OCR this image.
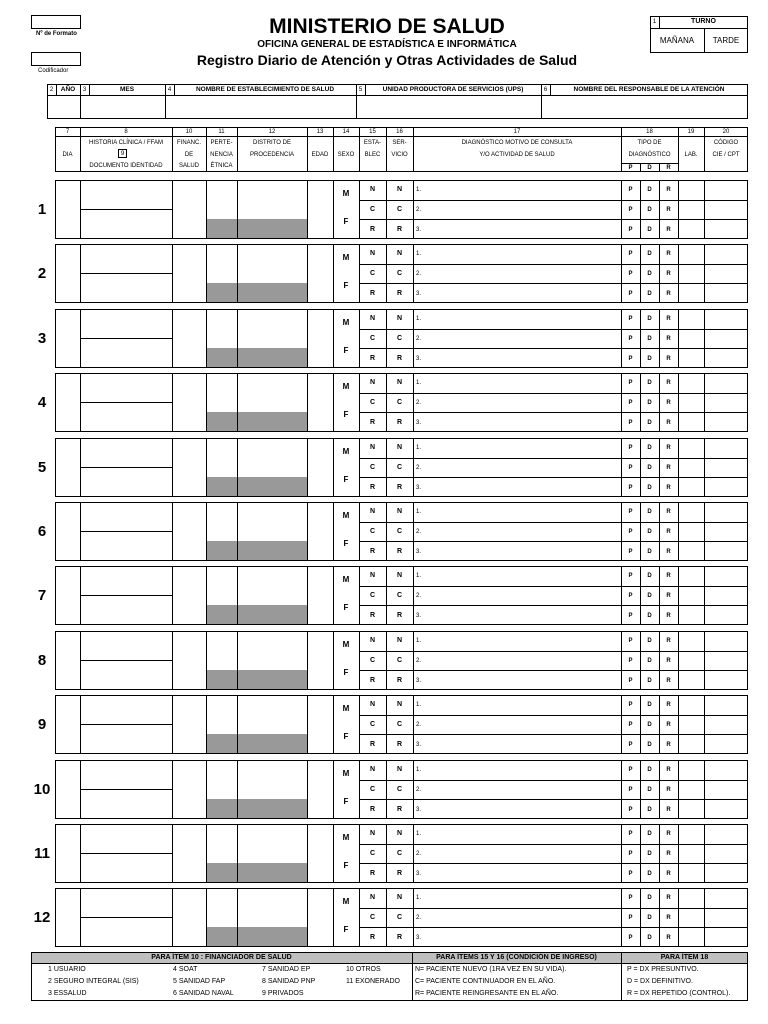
Nº de Formato
Codificador
MINISTERIO DE SALUD
OFICINA GENERAL DE ESTADÍSTICA E INFORMÁTICA
Registro Diario de Atención y Otras Actividades de Salud
1	TURNO
MAÑANA	TARDE
2	AÑO	3	MES	4	NOMBRE DE ESTABLECIMIENTO DE SALUD	5	UNIDAD PRODUCTORA DE SERVICIOS (UPS)	6	NOMBRE DEL RESPONSABLE DE LA ATENCIÓN
7
DIA
8
HISTORIA CLÍNICA / FFAM
9
DOCUMENTO IDENTIDAD
10
FINANC.
DE
SALUD
11
PERTE-
NENCIA
ÉTNICA
12
DISTRITO DE
PROCEDENCIA
13
EDAD
14
SEXO
15
ESTA-
BLEC
16
SER-
VICIO
17
DIAGNÓSTICO MOTIVO DE CONSULTA
Y/O ACTIVIDAD DE SALUD
18
TIPO DE
DIAGNÓSTICO
P	D	R
19
LAB.
20
CÓDIGO
CIE / CPT
1
M
F
N	N	1.	P	D	R
C	C	2.	P	D	R
R	R	3.	P	D	R
2
M
F
N	N	1.	P	D	R
C	C	2.	P	D	R
R	R	3.	P	D	R
3
M
F
N	N	1.	P	D	R
C	C	2.	P	D	R
R	R	3.	P	D	R
4
M
F
N	N	1.	P	D	R
C	C	2.	P	D	R
R	R	3.	P	D	R
5
M
F
N	N	1.	P	D	R
C	C	2.	P	D	R
R	R	3.	P	D	R
6
M
F
N	N	1.	P	D	R
C	C	2.	P	D	R
R	R	3.	P	D	R
7
M
F
N	N	1.	P	D	R
C	C	2.	P	D	R
R	R	3.	P	D	R
8
M
F
N	N	1.	P	D	R
C	C	2.	P	D	R
R	R	3.	P	D	R
9
M
F
N	N	1.	P	D	R
C	C	2.	P	D	R
R	R	3.	P	D	R
10
M
F
N	N	1.	P	D	R
C	C	2.	P	D	R
R	R	3.	P	D	R
11
M
F
N	N	1.	P	D	R
C	C	2.	P	D	R
R	R	3.	P	D	R
12
M
F
N	N	1.	P	D	R
C	C	2.	P	D	R
R	R	3.	P	D	R
PARA ÍTEM 10 : FINANCIADOR DE SALUD	PARA ÍTEMS 15 Y 16 (CONDICIÓN DE INGRESO)	PARA ÍTEM 18
1 USUARIO
2 SEGURO INTEGRAL (SIS)
3 ESSALUD
4 SOAT
5 SANIDAD FAP
6 SANIDAD NAVAL
7 SANIDAD EP
8 SANIDAD PNP
9 PRIVADOS
10 OTROS
11 EXONERADO
N= PACIENTE NUEVO (1RA VEZ EN SU VIDA).
C= PACIENTE CONTINUADOR EN EL AÑO.
R= PACIENTE REINGRESANTE EN EL AÑO.
P = DX PRESUNTIVO.
D = DX DEFINITIVO.
R = DX REPETIDO (CONTROL).
